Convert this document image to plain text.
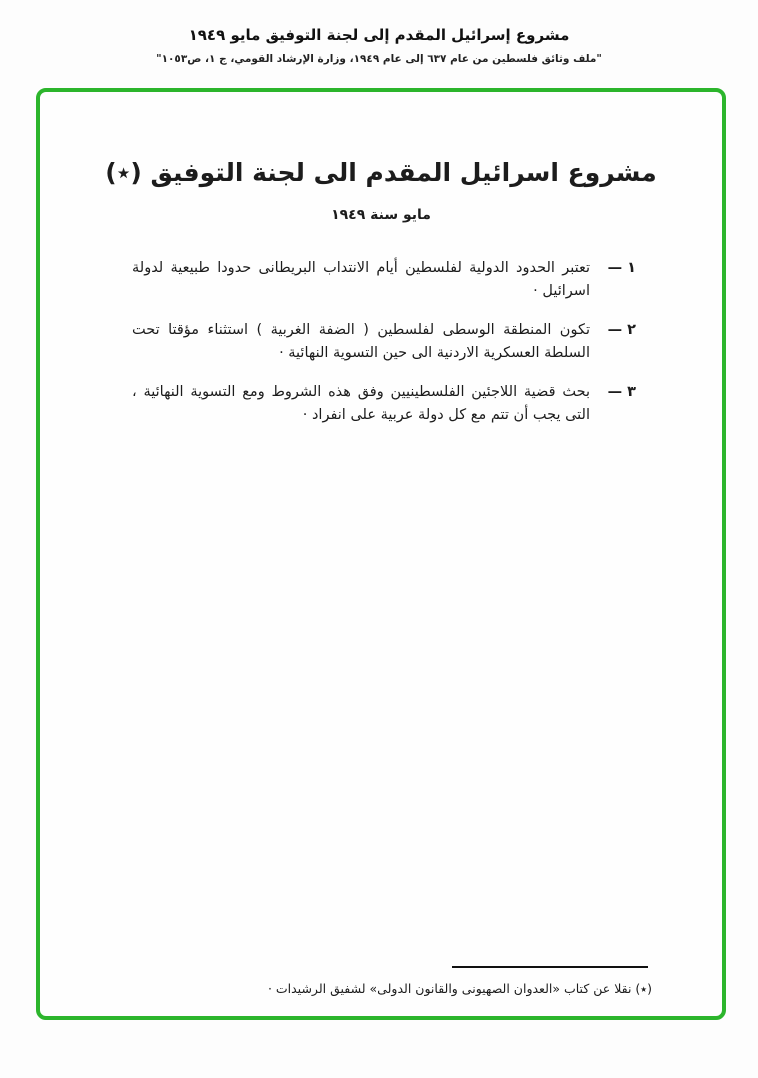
مشروع إسرائيل المقدم إلى لجنة التوفيق مايو ١٩٤٩
"ملف وثائق فلسطين من عام ٦٣٧ إلى عام ١٩٤٩، وزارة الإرشاد القومي، ج ١، ص١٠٥٣"
مشروع اسرائيل المقدم الى لجنة التوفيق (٭)
مايو سنة ١٩٤٩
١ —
تعتبر الحدود الدولية لفلسطين أيام الانتداب البريطانى حدودا طبيعية لدولة اسرائيل ·
٢ —
تكون المنطقة الوسطى لفلسطين ( الضفة الغربية ) استثناء مؤقتا تحت السلطة العسكرية الاردنية الى حين التسوية النهائية ·
٣ —
بحث قضية اللاجئين الفلسطينيين وفق هذه الشروط ومع التسوية النهائية ، التى يجب أن تتم مع كل دولة عربية على انفراد ·
(٭) نقلا عن كتاب «العدوان الصهيونى والقانون الدولى» لشفيق الرشيدات ·
